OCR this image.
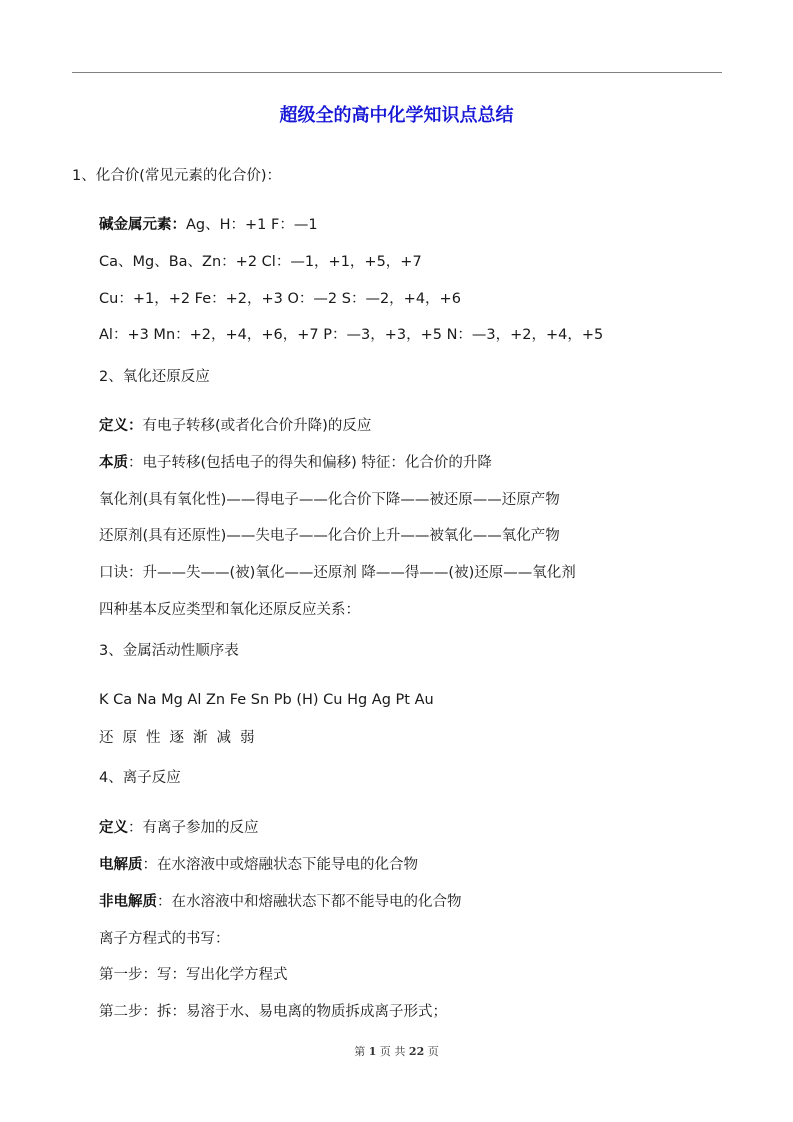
超级全的高中化学知识点总结
1、化合价(常见元素的化合价)：
碱金属元素：Ag、H：+1 F：—1
Ca、Mg、Ba、Zn：+2 Cl：—1，+1，+5，+7
Cu：+1，+2 Fe：+2，+3 O：—2 S：—2，+4，+6
Al：+3 Mn：+2，+4，+6，+7 P：—3，+3，+5 N：—3，+2，+4，+5
2、氧化还原反应
定义：有电子转移(或者化合价升降)的反应
本质：电子转移(包括电子的得失和偏移) 特征：化合价的升降
氧化剂(具有氧化性)——得电子——化合价下降——被还原——还原产物
还原剂(具有还原性)——失电子——化合价上升——被氧化——氧化产物
口诀：升——失——(被)氧化——还原剂 降——得——(被)还原——氧化剂
四种基本反应类型和氧化还原反应关系：
3、金属活动性顺序表
K Ca Na Mg Al Zn Fe Sn Pb (H) Cu Hg Ag Pt Au
还原性逐渐减弱
4、离子反应
定义：有离子参加的反应
电解质：在水溶液中或熔融状态下能导电的化合物
非电解质：在水溶液中和熔融状态下都不能导电的化合物
离子方程式的书写：
第一步：写：写出化学方程式
第二步：拆：易溶于水、易电离的物质拆成离子形式；
第 1 页 共 22 页
